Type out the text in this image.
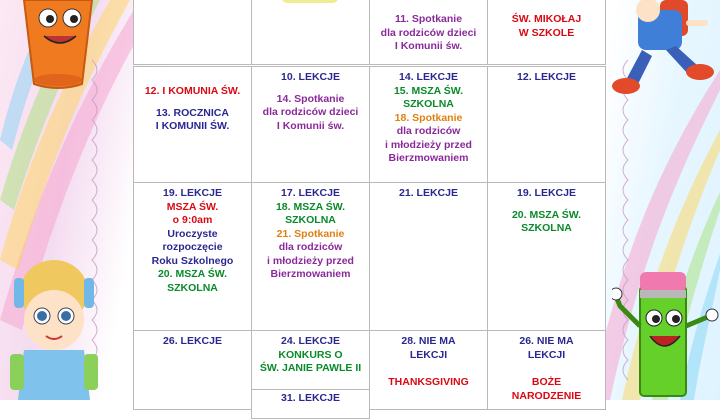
11. Spotkanie
dla rodziców dzieci
I Komunii św.
ŚW. MIKOŁAJ
W SZKOLE
12. I KOMUNIA ŚW.
13. ROCZNICA
I KOMUNII ŚW.
10. LEKCJE
14. Spotkanie
dla rodziców dzieci
I Komunii św.
14. LEKCJE
15. MSZA ŚW.
SZKOLNA
18. Spotkanie
dla rodziców
i młodzieży przed
Bierzmowaniem
12. LEKCJE
19. LEKCJE
MSZA ŚW.
o 9:0am
Uroczyste
rozpoczęcie
Roku Szkolnego
20. MSZA ŚW.
SZKOLNA
17. LEKCJE
18. MSZA ŚW.
SZKOLNA
21. Spotkanie
dla rodziców
i młodzieży przed
Bierzmowaniem
21. LEKCJE	19. LEKCJE
20. MSZA ŚW.
SZKOLNA
26. LEKCJE	24. LEKCJE
KONKURS O
ŚW. JANIE PAWLE II
31. LEKCJE
28. NIE MA
LEKCJI
THANKSGIVING
26. NIE MA
LEKCJI
BOŻE
NARODZENIE
